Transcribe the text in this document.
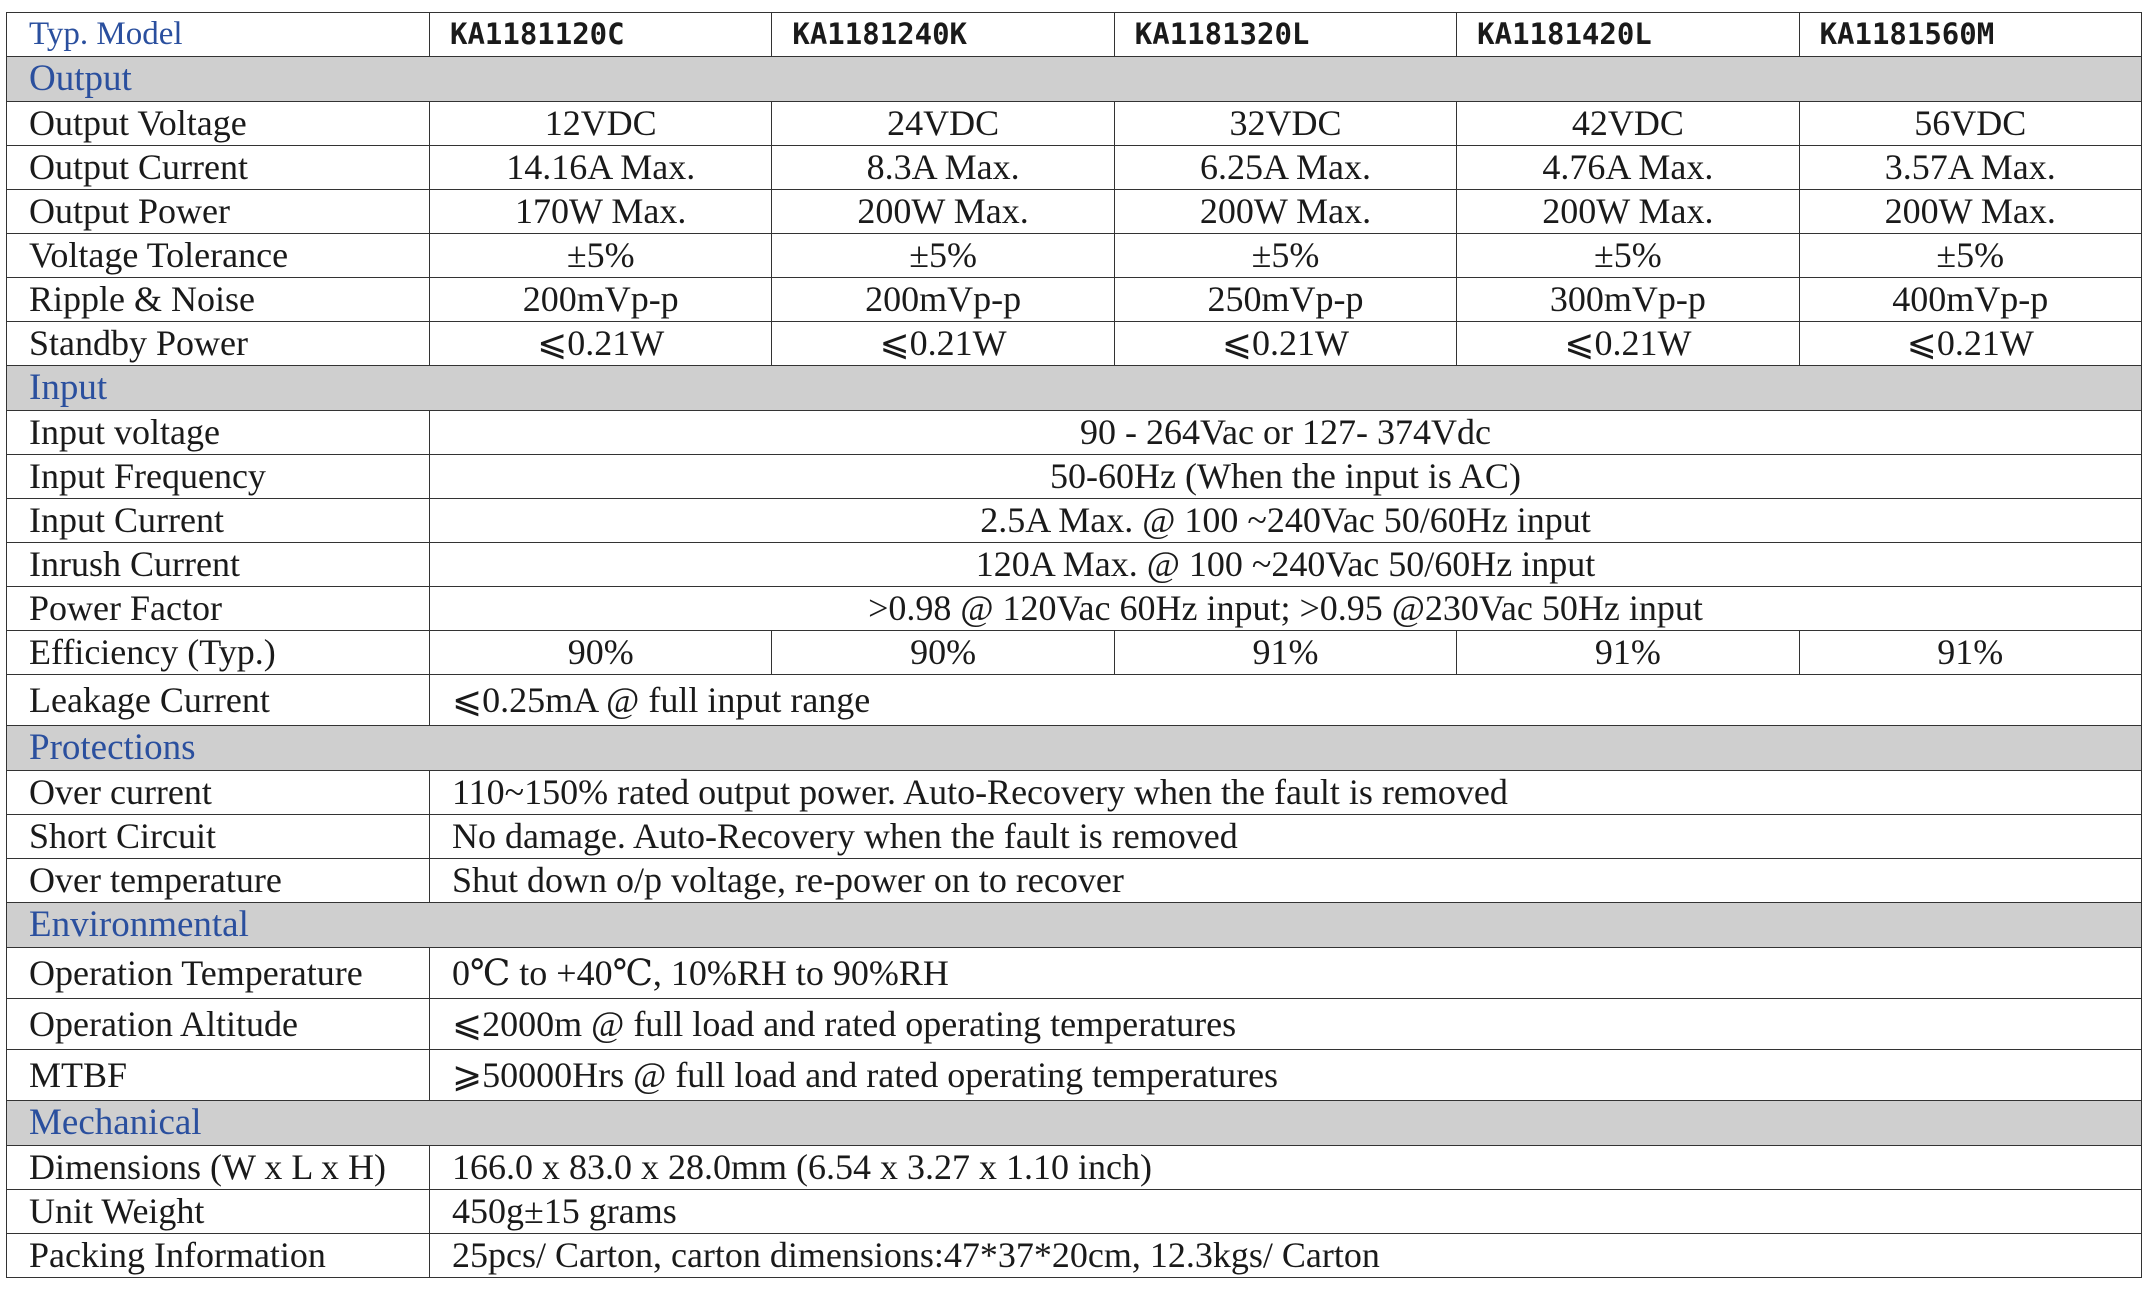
Typ. Model	KA1181120C	KA1181240K	KA1181320L	KA1181420L	KA1181560M
Output					
Output Voltage	12VDC	24VDC	32VDC	42VDC	56VDC
Output Current	14.16A Max.	8.3A Max.	6.25A Max.	4.76A Max.	3.57A Max.
Output Power	170W Max.	200W Max.	200W Max.	200W Max.	200W Max.
Voltage Tolerance	±5%	±5%	±5%	±5%	±5%
Ripple & Noise	200mVp-p	200mVp-p	250mVp-p	300mVp-p	400mVp-p
Standby Power	⩽0.21W	⩽0.21W	⩽0.21W	⩽0.21W	⩽0.21W
Input					
Input voltage	90 - 264Vac or 127- 374Vdc				
Input Frequency	50-60Hz (When the input is AC)				
Input Current	2.5A Max. @ 100 ~240Vac 50/60Hz input				
Inrush Current	120A Max. @ 100 ~240Vac 50/60Hz input				
Power Factor	>0.98 @ 120Vac 60Hz input; >0.95 @230Vac 50Hz input				
Efficiency (Typ.)	90%	90%	91%	91%	91%
Leakage Current	⩽0.25mA @ full input range				
Protections					
Over current	110~150% rated output power. Auto-Recovery when the fault is removed				
Short Circuit	No damage. Auto-Recovery when the fault is removed				
Over temperature	Shut down o/p voltage, re-power on to recover				
Environmental					
Operation Temperature	0℃ to +40℃, 10%RH to 90%RH				
Operation Altitude	⩽2000m @ full load and rated operating temperatures				
MTBF	⩾50000Hrs @ full load and rated operating temperatures				
Mechanical					
Dimensions (W x L x H)	166.0 x 83.0 x 28.0mm (6.54 x 3.27 x 1.10 inch)				
Unit Weight	450g±15 grams				
Packing Information	25pcs/ Carton, carton dimensions:47*37*20cm, 12.3kgs/ Carton				
